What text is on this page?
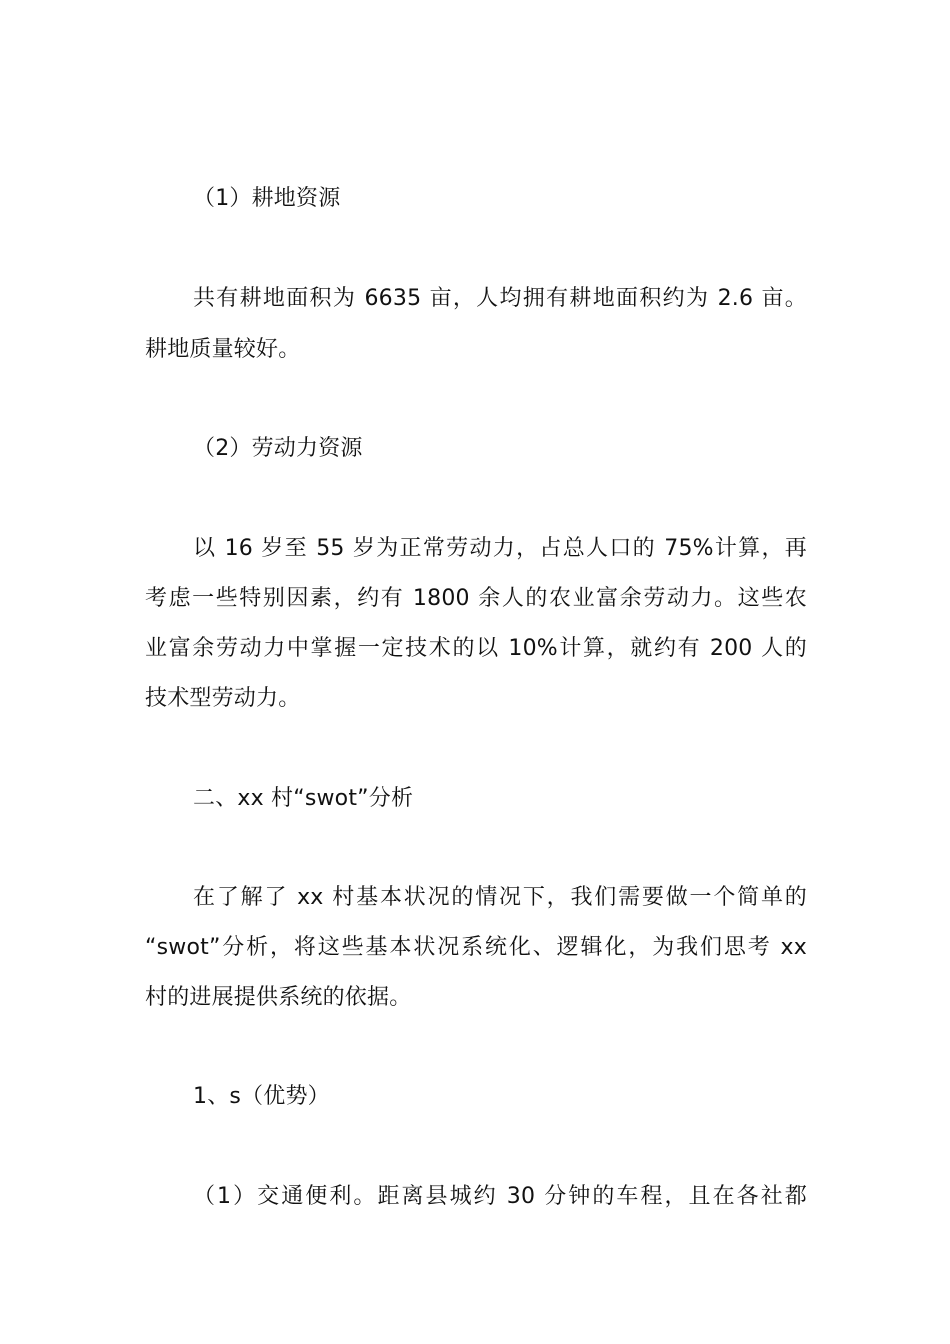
（1）耕地资源
共有耕地面积为 6635 亩，人均拥有耕地面积约为 2.6 亩。
耕地质量较好。
（2）劳动力资源
以 16 岁至 55 岁为正常劳动力，占总人口的 75%计算，再
考虑一些特别因素，约有 1800 余人的农业富余劳动力。这些农
业富余劳动力中掌握一定技术的以 10%计算，就约有 200 人的
技术型劳动力。
二、xx 村“swot”分析
在了解了 xx 村基本状况的情况下，我们需要做一个简单的
“swot”分析，将这些基本状况系统化、逻辑化，为我们思考 xx
村的进展提供系统的依据。
1、s（优势）
（1）交通便利。距离县城约 30 分钟的车程，且在各社都
